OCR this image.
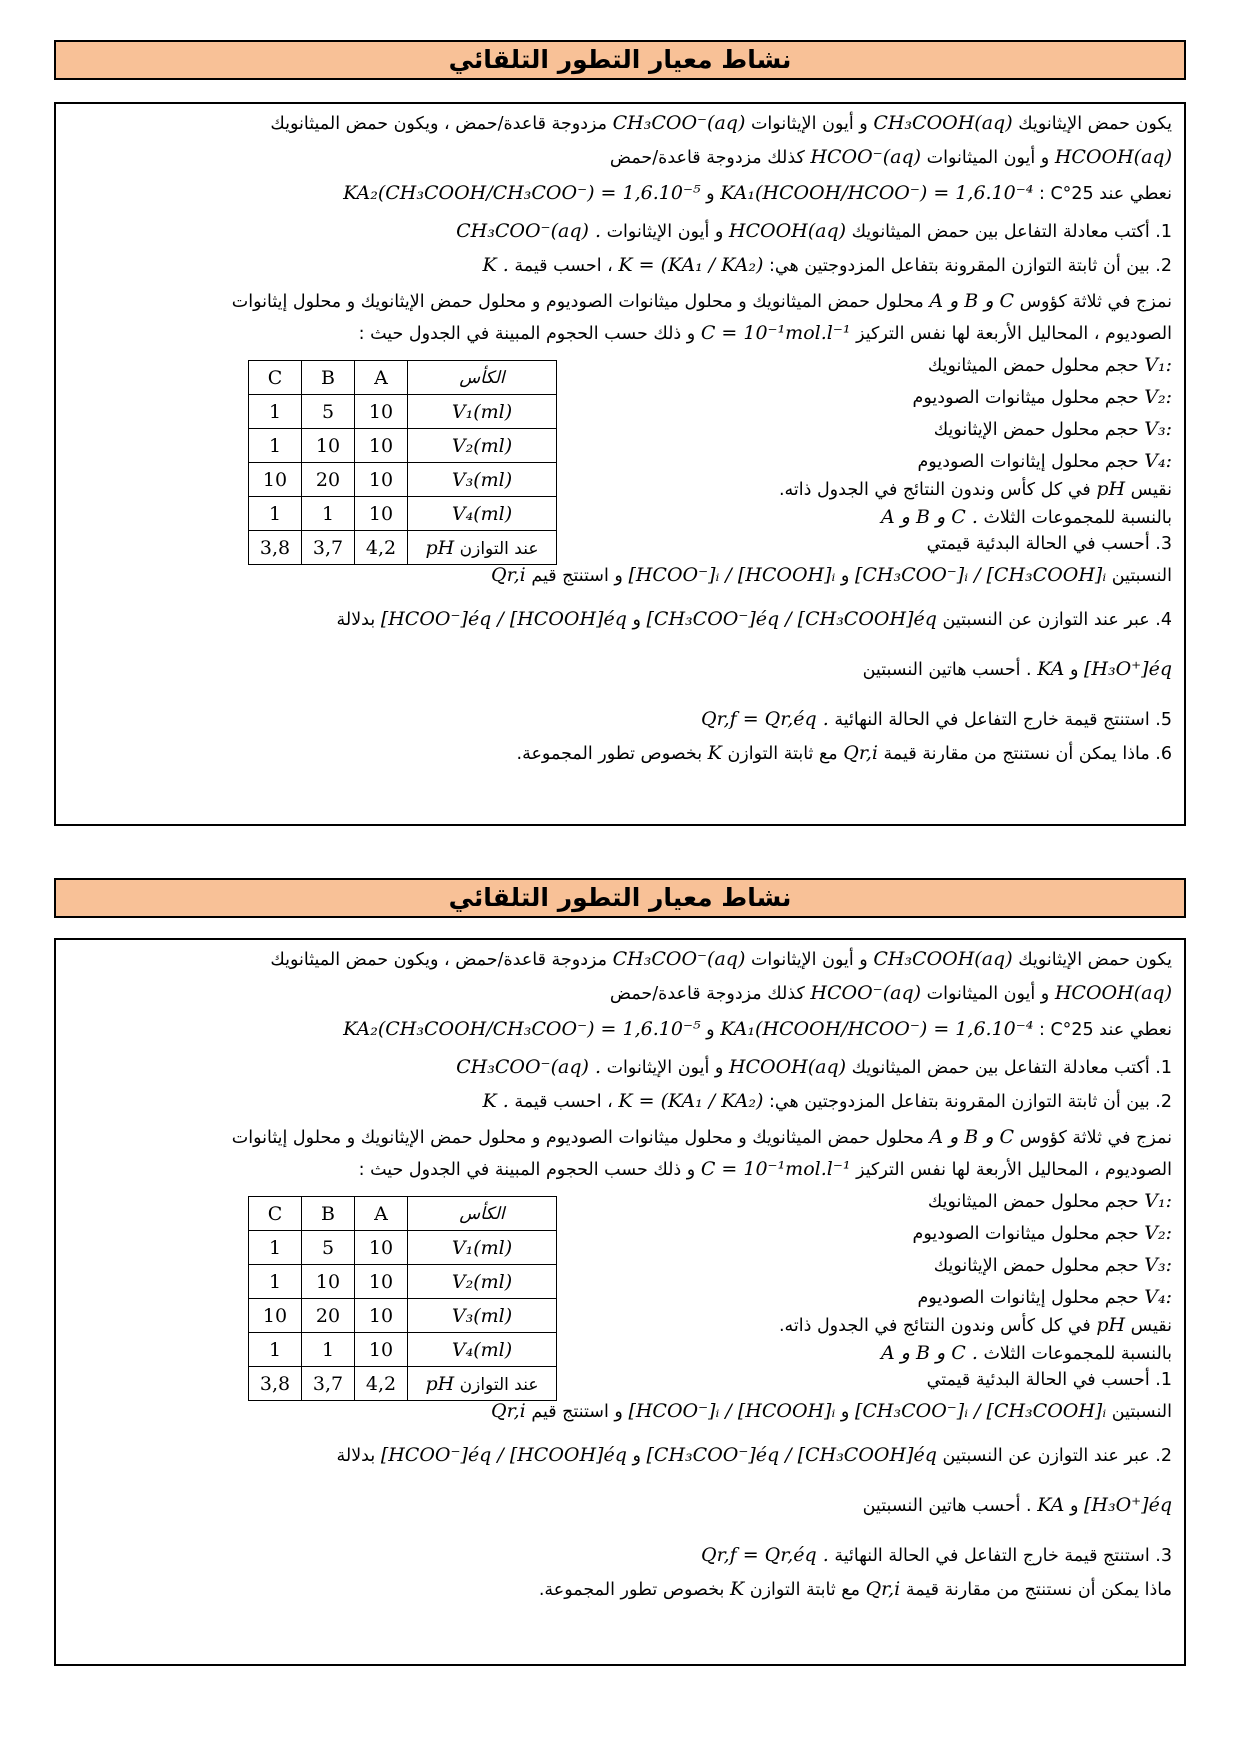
نشاط معيار التطور التلقائي
يكون حمض الإيثانويك CH₃COOH(aq) و أيون الإيثانوات CH₃COO⁻(aq) مزدوجة قاعدة/حمض ، ويكون حمض الميثانويك
HCOOH(aq) و أيون الميثانوات HCOO⁻(aq) كذلك مزدوجة قاعدة/حمض
نعطي عند 25°C : KA₁(HCOOH/HCOO⁻) = 1,6.10⁻⁴ و KA₂(CH₃COOH/CH₃COO⁻) = 1,6.10⁻⁵
1. أكتب معادلة التفاعل بين حمض الميثانويك HCOOH(aq) و أيون الإيثانوات CH₃COO⁻(aq) .
2. بين أن ثابتة التوازن المقرونة بتفاعل المزدوجتين هي: K = (KA₁ / KA₂) ، احسب قيمة K .
نمزج في ثلاثة كؤوس A و B و C محلول حمض الميثانويك و محلول ميثانوات الصوديوم و محلول حمض الإيثانويك و محلول إيثانوات
الصوديوم ، المحاليل الأربعة لها نفس التركيز C = 10⁻¹mol.l⁻¹ و ذلك حسب الحجوم المبينة في الجدول حيث :
V₁: حجم محلول حمض الميثانويك
V₂: حجم محلول ميثانوات الصوديوم
V₃: حجم محلول حمض الإيثانويك
V₄: حجم محلول إيثانوات الصوديوم
نقيس pH في كل كأس وندون النتائج في الجدول ذاته.
بالنسبة للمجموعات الثلاث A و B و C .
C	B	A	الكأس
1	5	10	V₁(ml)
1	10	10	V₂(ml)
10	20	10	V₃(ml)
1	1	10	V₄(ml)
3,8	3,7	4,2	عند التوازن pH	3. أحسب في الحالة البدئية قيمتي
النسبتين [CH₃COO⁻]ᵢ / [CH₃COOH]ᵢ و [HCOO⁻]ᵢ / [HCOOH]ᵢ و استنتج قيم Qr,i
4. عبر عند التوازن عن النسبتين [CH₃COO⁻]éq / [CH₃COOH]éq و [HCOO⁻]éq / [HCOOH]éq بدلالة
[H₃O⁺]éq و KA . أحسب هاتين النسبتين
5. استنتج قيمة خارج التفاعل في الحالة النهائية Qr,f = Qr,éq .
6. ماذا يمكن أن نستنتج من مقارنة قيمة Qr,i مع ثابتة التوازن K بخصوص تطور المجموعة.
نشاط معيار التطور التلقائي
يكون حمض الإيثانويك CH₃COOH(aq) و أيون الإيثانوات CH₃COO⁻(aq) مزدوجة قاعدة/حمض ، ويكون حمض الميثانويك
HCOOH(aq) و أيون الميثانوات HCOO⁻(aq) كذلك مزدوجة قاعدة/حمض
نعطي عند 25°C : KA₁(HCOOH/HCOO⁻) = 1,6.10⁻⁴ و KA₂(CH₃COOH/CH₃COO⁻) = 1,6.10⁻⁵
1. أكتب معادلة التفاعل بين حمض الميثانويك HCOOH(aq) و أيون الإيثانوات CH₃COO⁻(aq) .
2. بين أن ثابتة التوازن المقرونة بتفاعل المزدوجتين هي: K = (KA₁ / KA₂) ، احسب قيمة K .
نمزج في ثلاثة كؤوس A و B و C محلول حمض الميثانويك و محلول ميثانوات الصوديوم و محلول حمض الإيثانويك و محلول إيثانوات
الصوديوم ، المحاليل الأربعة لها نفس التركيز C = 10⁻¹mol.l⁻¹ و ذلك حسب الحجوم المبينة في الجدول حيث :
V₁: حجم محلول حمض الميثانويك
V₂: حجم محلول ميثانوات الصوديوم
V₃: حجم محلول حمض الإيثانويك
V₄: حجم محلول إيثانوات الصوديوم
نقيس pH في كل كأس وندون النتائج في الجدول ذاته.
بالنسبة للمجموعات الثلاث A و B و C .
C	B	A	الكأس
1	5	10	V₁(ml)
1	10	10	V₂(ml)
10	20	10	V₃(ml)
1	1	10	V₄(ml)
3,8	3,7	4,2	عند التوازن pH	1. أحسب في الحالة البدئية قيمتي
النسبتين [CH₃COO⁻]ᵢ / [CH₃COOH]ᵢ و [HCOO⁻]ᵢ / [HCOOH]ᵢ و استنتج قيم Qr,i
2. عبر عند التوازن عن النسبتين [CH₃COO⁻]éq / [CH₃COOH]éq و [HCOO⁻]éq / [HCOOH]éq بدلالة
[H₃O⁺]éq و KA . أحسب هاتين النسبتين
3. استنتج قيمة خارج التفاعل في الحالة النهائية Qr,f = Qr,éq .
ماذا يمكن أن نستنتج من مقارنة قيمة Qr,i مع ثابتة التوازن K بخصوص تطور المجموعة.
